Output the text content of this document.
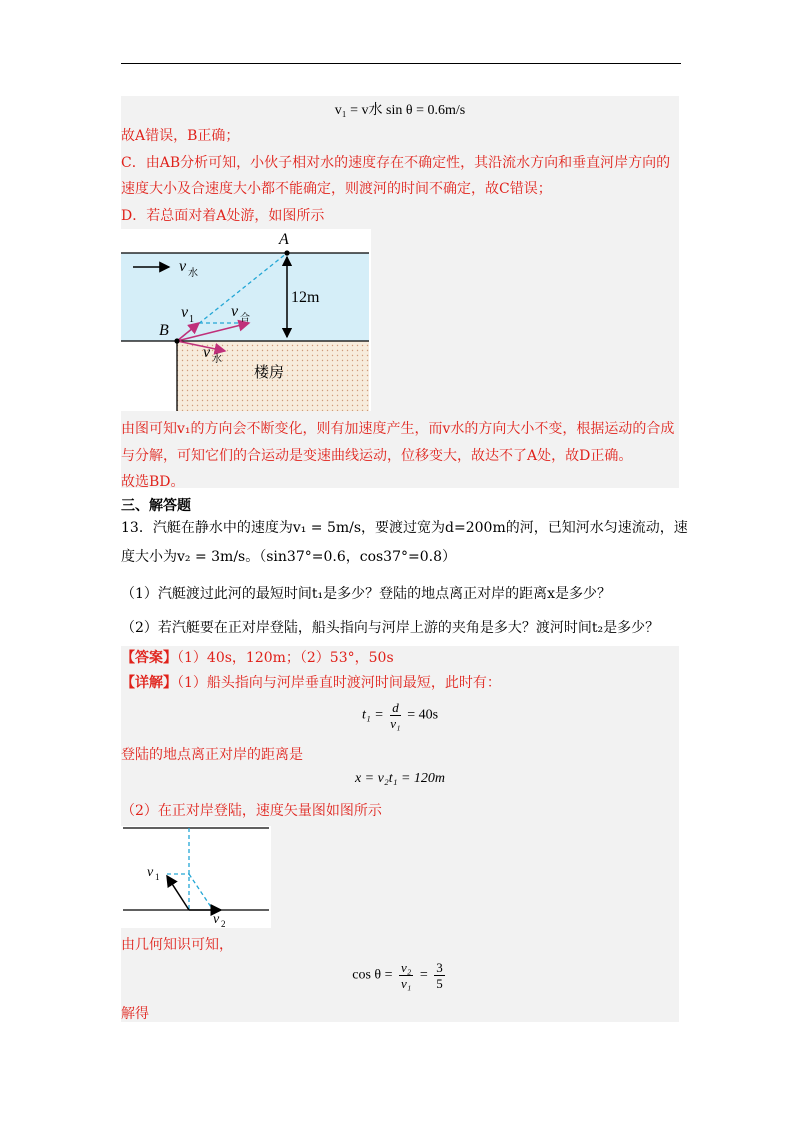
v₁ = v水 sin θ = 0.6m/s
故A错误，B正确；
C．由AB分析可知，小伙子相对水的速度存在不确定性，其沿流水方向和垂直河岸方向的
速度大小及合速度大小都不能确定，则渡河的时间不确定，故C错误；
D．若总面对着A处游，如图所示
A
B
v 水
v 1 v 合
v 水
12m
楼房
由图可知v₁的方向会不断变化，则有加速度产生，而v水的方向大小不变，根据运动的合成
与分解，可知它们的合运动是变速曲线运动，位移变大，故达不了A处，故D正确。
故选BD。
三、解答题
13．汽艇在静水中的速度为v₁ = 5m/s，要渡过宽为d=200m的河，已知河水匀速流动，速
度大小为v₂ = 3m/s。（sin37°=0.6，cos37°=0.8）
（1）汽艇渡过此河的最短时间t₁是多少？登陆的地点离正对岸的距离x是多少？
（2）若汽艇要在正对岸登陆，船头指向与河岸上游的夹角是多大？渡河时间t₂是多少？
【答案】（1）40s，120m；（2）53°，50s
【详解】（1）船头指向与河岸垂直时渡河时间最短，此时有：
$t_1 = \frac{d}{\text{v₁}} = 40s$
登陆的地点离正对岸的距离是
x = v₂t₁ = 120m
（2）在正对岸登陆，速度矢量图如图所示
v 1
v 2
由几何知识可知，
$\cos \theta = \frac{\text{v₂}}{\text{v₁}} = \frac{3}{5}$
解得
